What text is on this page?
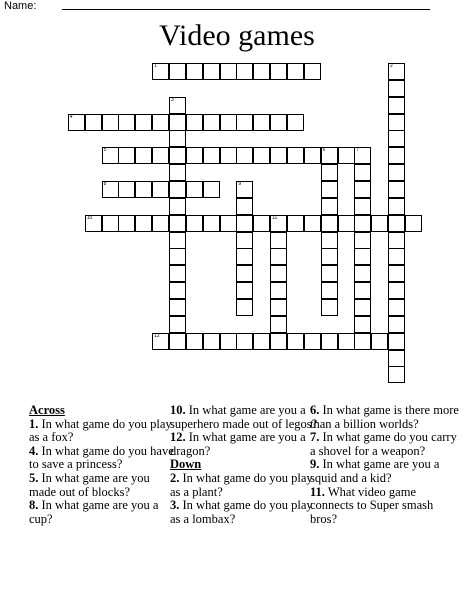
Name:
Video games
1
4
5	6
8
10	11
12
2
3
7
9
Across
1. In what game do you play as a fox?
4. In what game do you have to save a princess?
5. In what game are you made out of blocks?
8. In what game are you a cup?
10. In what game are you a superhero made out of legos?
12. In what game are you a dragon?
Down
2. In what game do you play as a plant?
3. In what game do you play as a lombax?
6. In what game is there more than a billion worlds?
7. In what game do you carry a shovel for a weapon?
9. In what game are you a squid and a kid?
11. What video game connects to Super smash bros?
